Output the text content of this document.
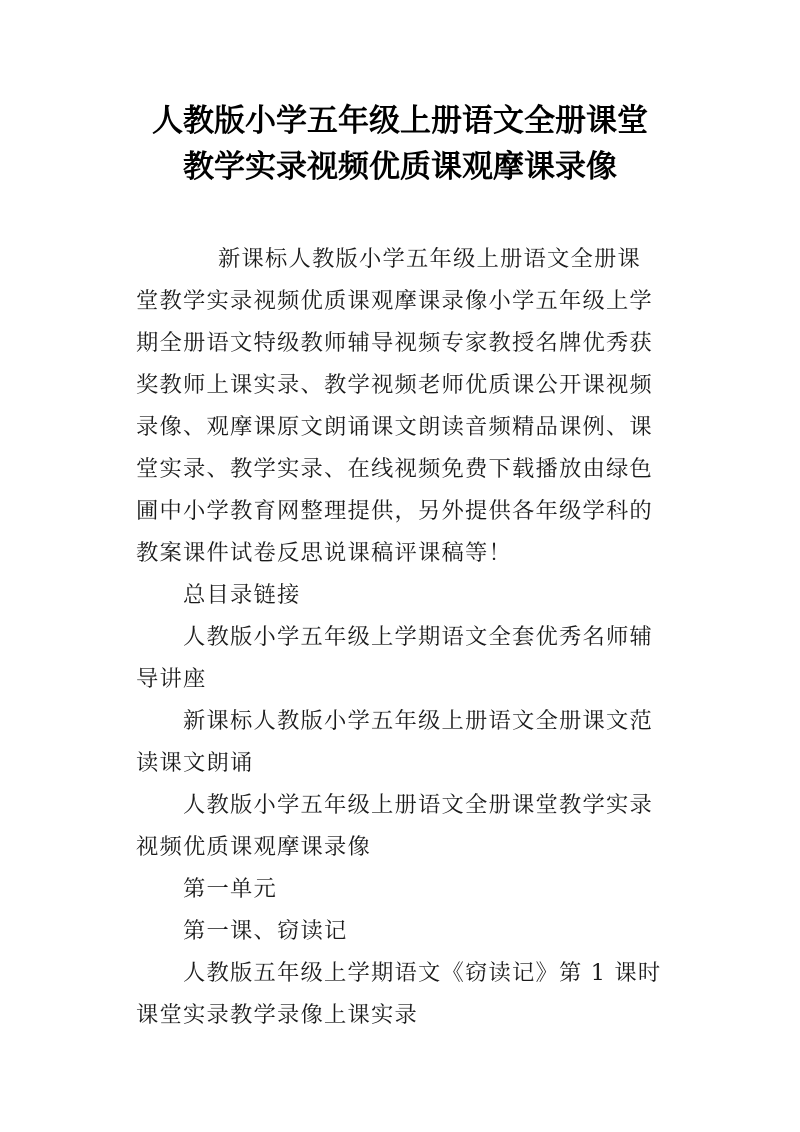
人教版小学五年级上册语文全册课堂
教学实录视频优质课观摩课录像
新课标人教版小学五年级上册语文全册课
堂教学实录视频优质课观摩课录像小学五年级上学
期全册语文特级教师辅导视频专家教授名牌优秀获
奖教师上课实录、教学视频老师优质课公开课视频
录像、观摩课原文朗诵课文朗读音频精品课例、课
堂实录、教学实录、在线视频免费下载播放由绿色
圃中小学教育网整理提供，另外提供各年级学科的
教案课件试卷反思说课稿评课稿等！
总目录链接
人教版小学五年级上学期语文全套优秀名师辅
导讲座
新课标人教版小学五年级上册语文全册课文范
读课文朗诵
人教版小学五年级上册语文全册课堂教学实录
视频优质课观摩课录像
第一单元
第一课、窃读记
人教版五年级上学期语文《窃读记》第 1 课时
课堂实录教学录像上课实录
